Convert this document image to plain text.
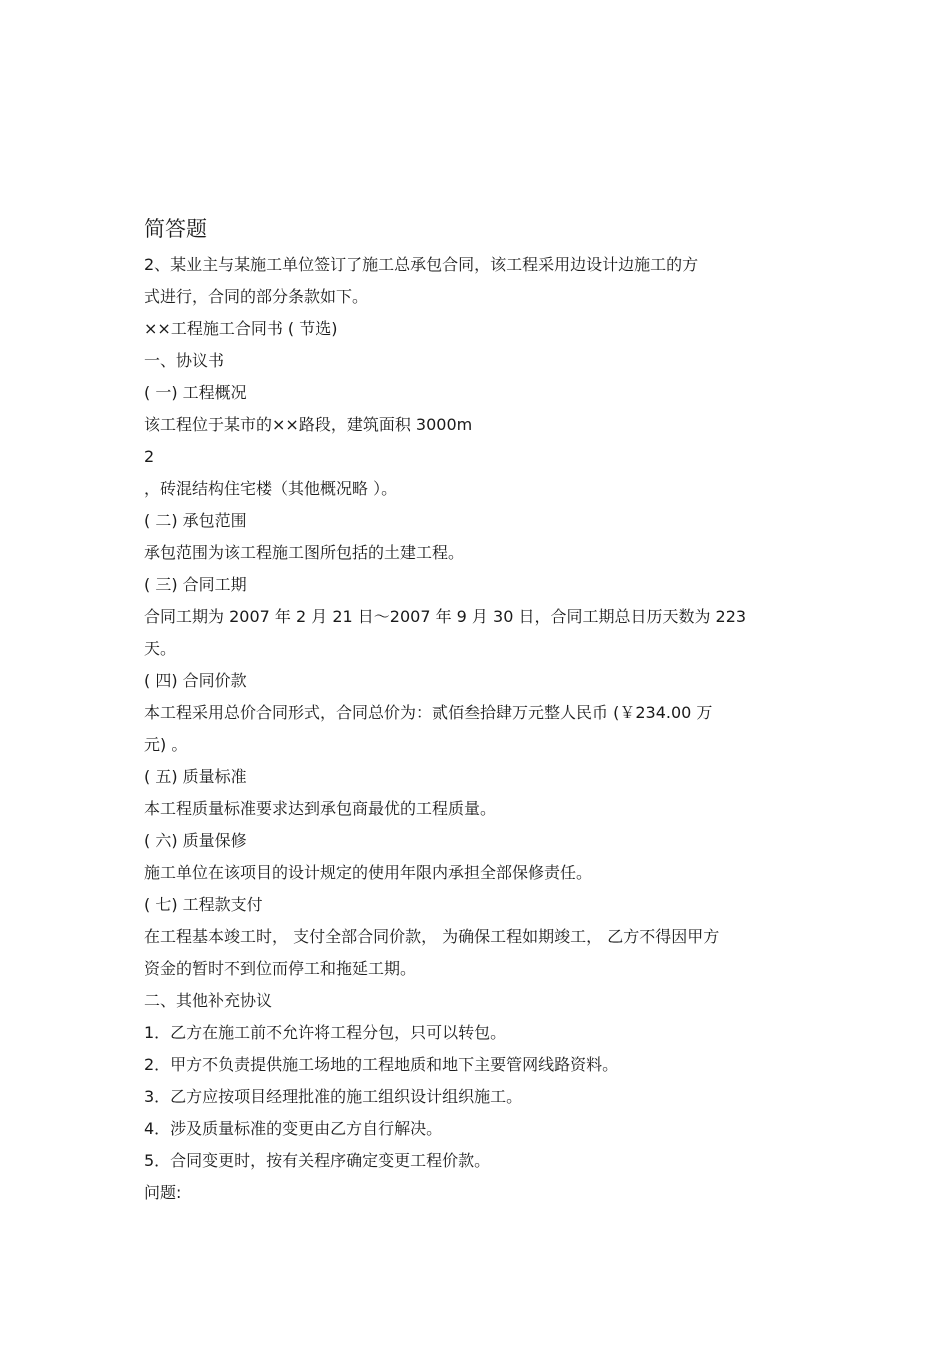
简答题
2、某业主与某施工单位签订了施工总承包合同，该工程采用边设计边施工的方
式进行，合同的部分条款如下。
××工程施工合同书 ( 节选)
一、协议书
( 一) 工程概况
该工程位于某市的××路段，建筑面积 3000m
2
，砖混结构住宅楼（其他概况略 ）。
( 二) 承包范围
承包范围为该工程施工图所包括的土建工程。
( 三) 合同工期
合同工期为 2007 年 2 月 21 日～2007 年 9 月 30 日，合同工期总日历天数为 223
天。
( 四) 合同价款
本工程采用总价合同形式，合同总价为：贰佰叁拾肆万元整人民币 (￥234.00 万
元) 。
( 五) 质量标准
本工程质量标准要求达到承包商最优的工程质量。
( 六) 质量保修
施工单位在该项目的设计规定的使用年限内承担全部保修责任。
( 七) 工程款支付
在工程基本竣工时， 支付全部合同价款， 为确保工程如期竣工， 乙方不得因甲方
资金的暂时不到位而停工和拖延工期。
二、其他补充协议
1．乙方在施工前不允许将工程分包，只可以转包。
2．甲方不负责提供施工场地的工程地质和地下主要管网线路资料。
3．乙方应按项目经理批准的施工组织设计组织施工。
4．涉及质量标准的变更由乙方自行解决。
5．合同变更时，按有关程序确定变更工程价款。
问题:
